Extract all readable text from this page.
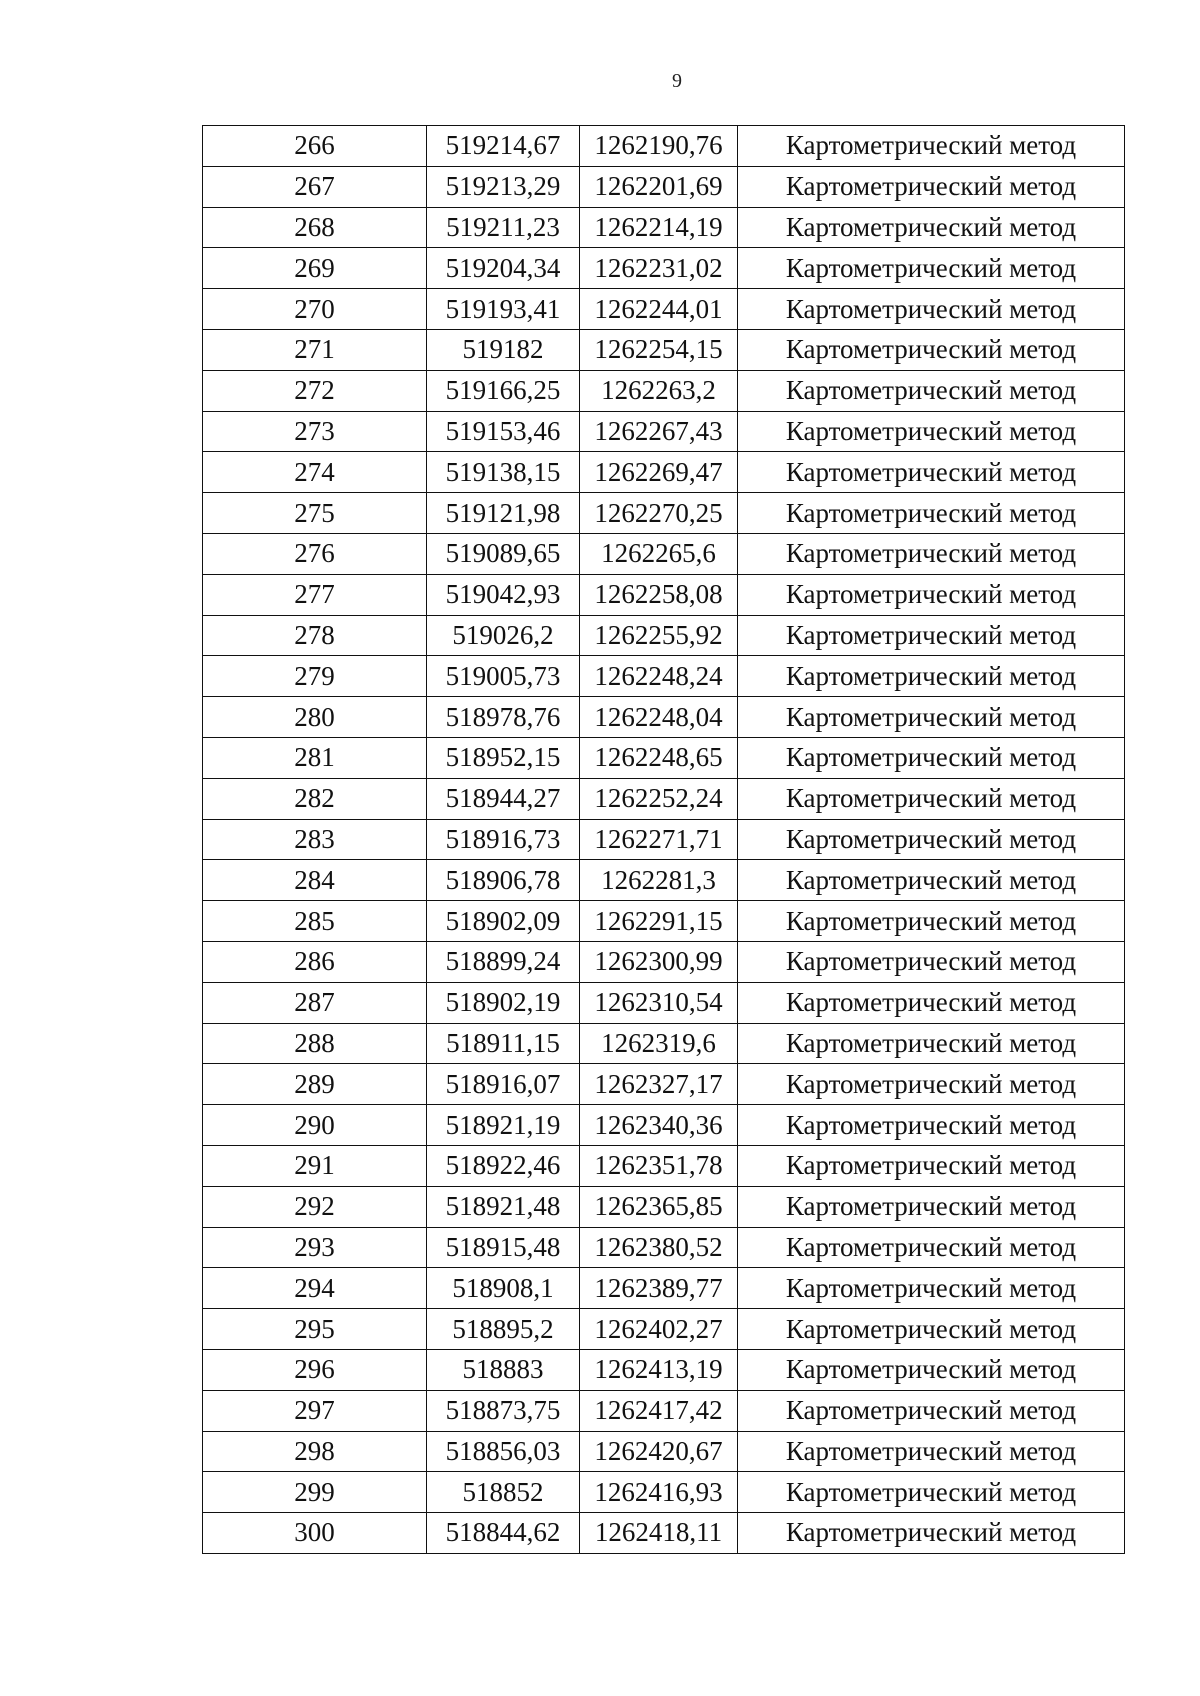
9
266	519214,67	1262190,76	Картометрический метод
267	519213,29	1262201,69	Картометрический метод
268	519211,23	1262214,19	Картометрический метод
269	519204,34	1262231,02	Картометрический метод
270	519193,41	1262244,01	Картометрический метод
271	519182	1262254,15	Картометрический метод
272	519166,25	1262263,2	Картометрический метод
273	519153,46	1262267,43	Картометрический метод
274	519138,15	1262269,47	Картометрический метод
275	519121,98	1262270,25	Картометрический метод
276	519089,65	1262265,6	Картометрический метод
277	519042,93	1262258,08	Картометрический метод
278	519026,2	1262255,92	Картометрический метод
279	519005,73	1262248,24	Картометрический метод
280	518978,76	1262248,04	Картометрический метод
281	518952,15	1262248,65	Картометрический метод
282	518944,27	1262252,24	Картометрический метод
283	518916,73	1262271,71	Картометрический метод
284	518906,78	1262281,3	Картометрический метод
285	518902,09	1262291,15	Картометрический метод
286	518899,24	1262300,99	Картометрический метод
287	518902,19	1262310,54	Картометрический метод
288	518911,15	1262319,6	Картометрический метод
289	518916,07	1262327,17	Картометрический метод
290	518921,19	1262340,36	Картометрический метод
291	518922,46	1262351,78	Картометрический метод
292	518921,48	1262365,85	Картометрический метод
293	518915,48	1262380,52	Картометрический метод
294	518908,1	1262389,77	Картометрический метод
295	518895,2	1262402,27	Картометрический метод
296	518883	1262413,19	Картометрический метод
297	518873,75	1262417,42	Картометрический метод
298	518856,03	1262420,67	Картометрический метод
299	518852	1262416,93	Картометрический метод
300	518844,62	1262418,11	Картометрический метод
